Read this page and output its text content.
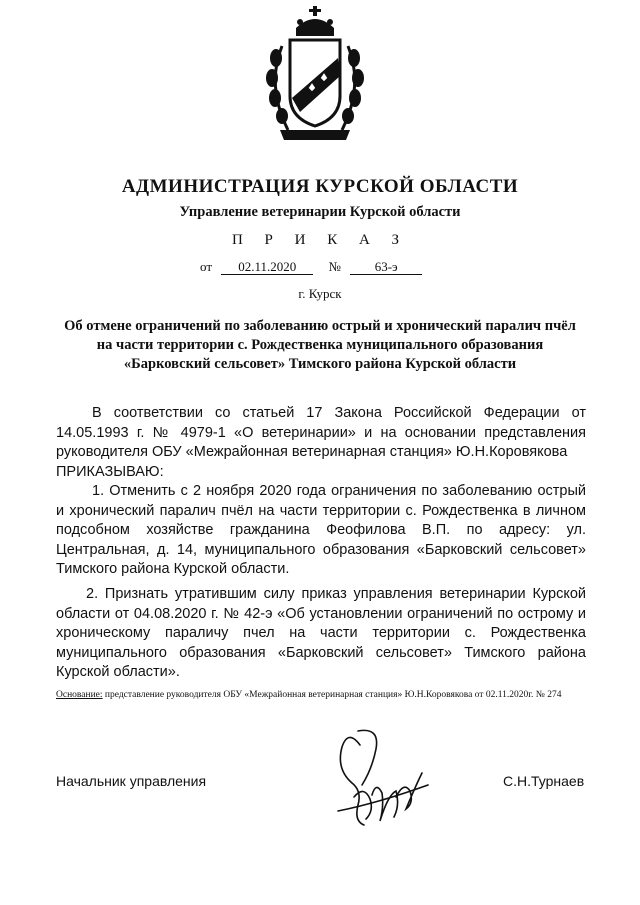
АДМИНИСТРАЦИЯ КУРСКОЙ ОБЛАСТИ
Управление ветеринарии Курской области
П Р И К А З
от 02.11.2020 №	63-э
г. Курск
Об отмене ограничений по заболеванию острый и хронический паралич пчёл на части территории с. Рождественка муниципального образования «Барковский сельсовет» Тимского района Курской области
В соответствии со статьей 17 Закона Российской Федерации от 14.05.1993 г. № 4979-1 «О ветеринарии» и на основании представления руководителя ОБУ «Межрайонная ветеринарная станция» Ю.Н.Коровякова
ПРИКАЗЫВАЮ:
1. Отменить с 2 ноября 2020 года ограничения по заболеванию острый и хронический паралич пчёл на части территории с. Рождественка в личном подсобном хозяйстве гражданина Феофилова В.П. по адресу: ул. Центральная, д. 14, муниципального образования «Барковский сельсовет» Тимского района Курской области.
2. Признать утратившим силу приказ управления ветеринарии Курской области от 04.08.2020 г. № 42-э «Об установлении ограничений по острому и хроническому параличу пчел на части территории с. Рождественка муниципального образования «Барковский сельсовет» Тимского района Курской области».
Основание: представление руководителя ОБУ «Межрайонная ветеринарная станция» Ю.Н.Коровякова от 02.11.2020г. № 274
Начальник управления	С.Н.Турнаев
